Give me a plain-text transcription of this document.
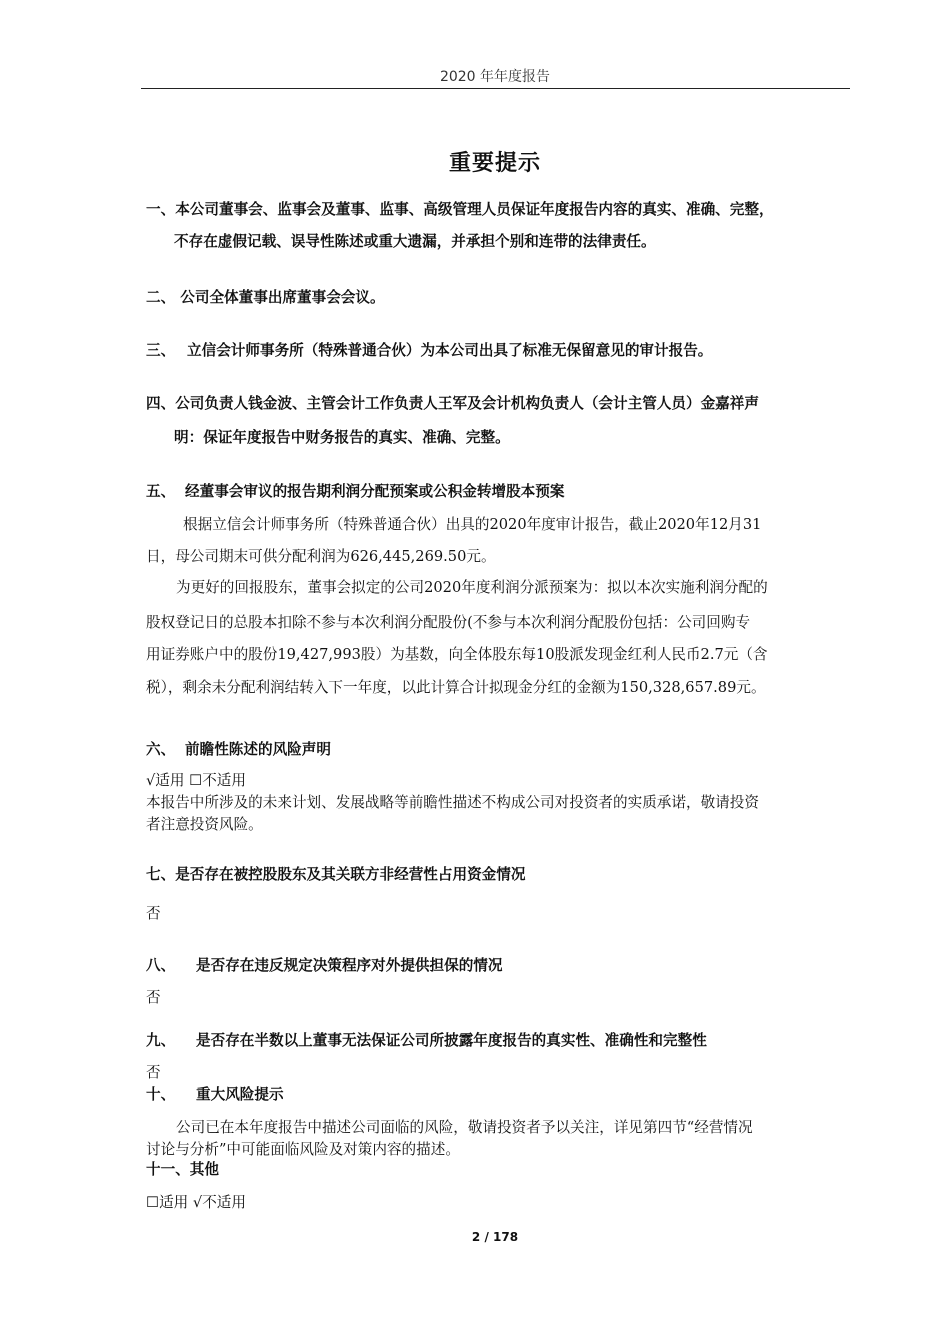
2020 年年度报告
重要提示
一、本公司董事会、监事会及董事、监事、高级管理人员保证年度报告内容的真实、准确、完整，
不存在虚假记载、误导性陈述或重大遗漏，并承担个别和连带的法律责任。
二、 公司全体董事出席董事会会议。
三、 立信会计师事务所（特殊普通合伙）为本公司出具了标准无保留意见的审计报告。
四、公司负责人钱金波、主管会计工作负责人王军及会计机构负责人（会计主管人员）金嘉祥声
明：保证年度报告中财务报告的真实、准确、完整。
五、 经董事会审议的报告期利润分配预案或公积金转增股本预案
根据立信会计师事务所（特殊普通合伙）出具的2020年度审计报告，截止2020年12月31
日，母公司期末可供分配利润为626,445,269.50元。
为更好的回报股东，董事会拟定的公司2020年度利润分派预案为：拟以本次实施利润分配的
股权登记日的总股本扣除不参与本次利润分配股份(不参与本次利润分配股份包括：公司回购专
用证券账户中的股份19,427,993股）为基数，向全体股东每10股派发现金红利人民币2.7元（含
税），剩余未分配利润结转入下一年度，以此计算合计拟现金分红的金额为150,328,657.89元。
六、 前瞻性陈述的风险声明
√适用 ☐不适用
本报告中所涉及的未来计划、发展战略等前瞻性描述不构成公司对投资者的实质承诺，敬请投资
者注意投资风险。
七、是否存在被控股股东及其关联方非经营性占用资金情况
否
八、 是否存在违反规定决策程序对外提供担保的情况
否
九、 是否存在半数以上董事无法保证公司所披露年度报告的真实性、准确性和完整性
否
十、 重大风险提示
公司已在本年度报告中描述公司面临的风险，敬请投资者予以关注，详见第四节“经营情况
讨论与分析”中可能面临风险及对策内容的描述。
十一、其他
☐适用 √不适用
2 / 178
